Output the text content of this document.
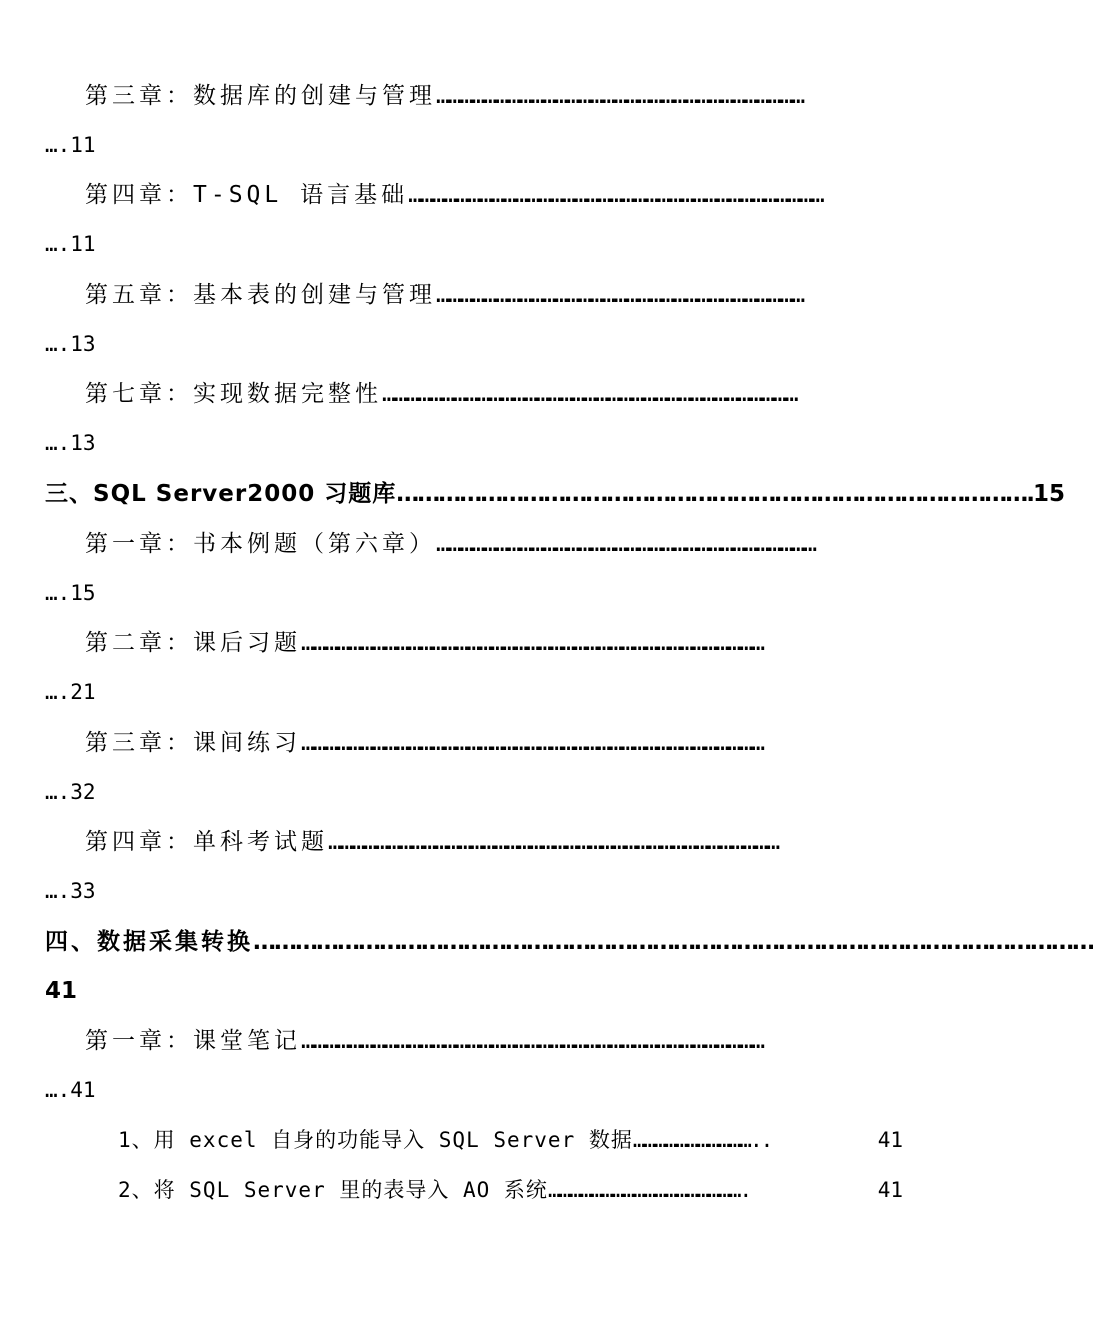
第三章：数据库的创建与管理 …………………………………………………………………………………
….11
第四章：T-SQL 语言基础 ……………………………………………………………………………………………
….11
第五章：基本表的创建与管理 …………………………………………………………………………………
….13
第七章：实现数据完整性 ……………………………………………………………………………………………
….13
三、SQL Server2000 习题库 ………………………………………………………………………………. 15
第一章：书本例题（第六章） ……………………………………………………………………………………
….15
第二章：课后习题 ………………………………………………………………………………………………………
….21
第三章：课间练习 ………………………………………………………………………………………………………
….32
第四章：单科考试题 ……………………………………………………………………………………………………
….33
四、数据采集转换 …………………………………………………………………………………………………………
41
第一章：课堂笔记 ………………………………………………………………………………………………………
….41
1、用 excel 自身的功能导入 SQL Server 数据 ……………………………..	41
2、将 SQL Server 里的表导入 AO 系统 ……………………………………………….	41
